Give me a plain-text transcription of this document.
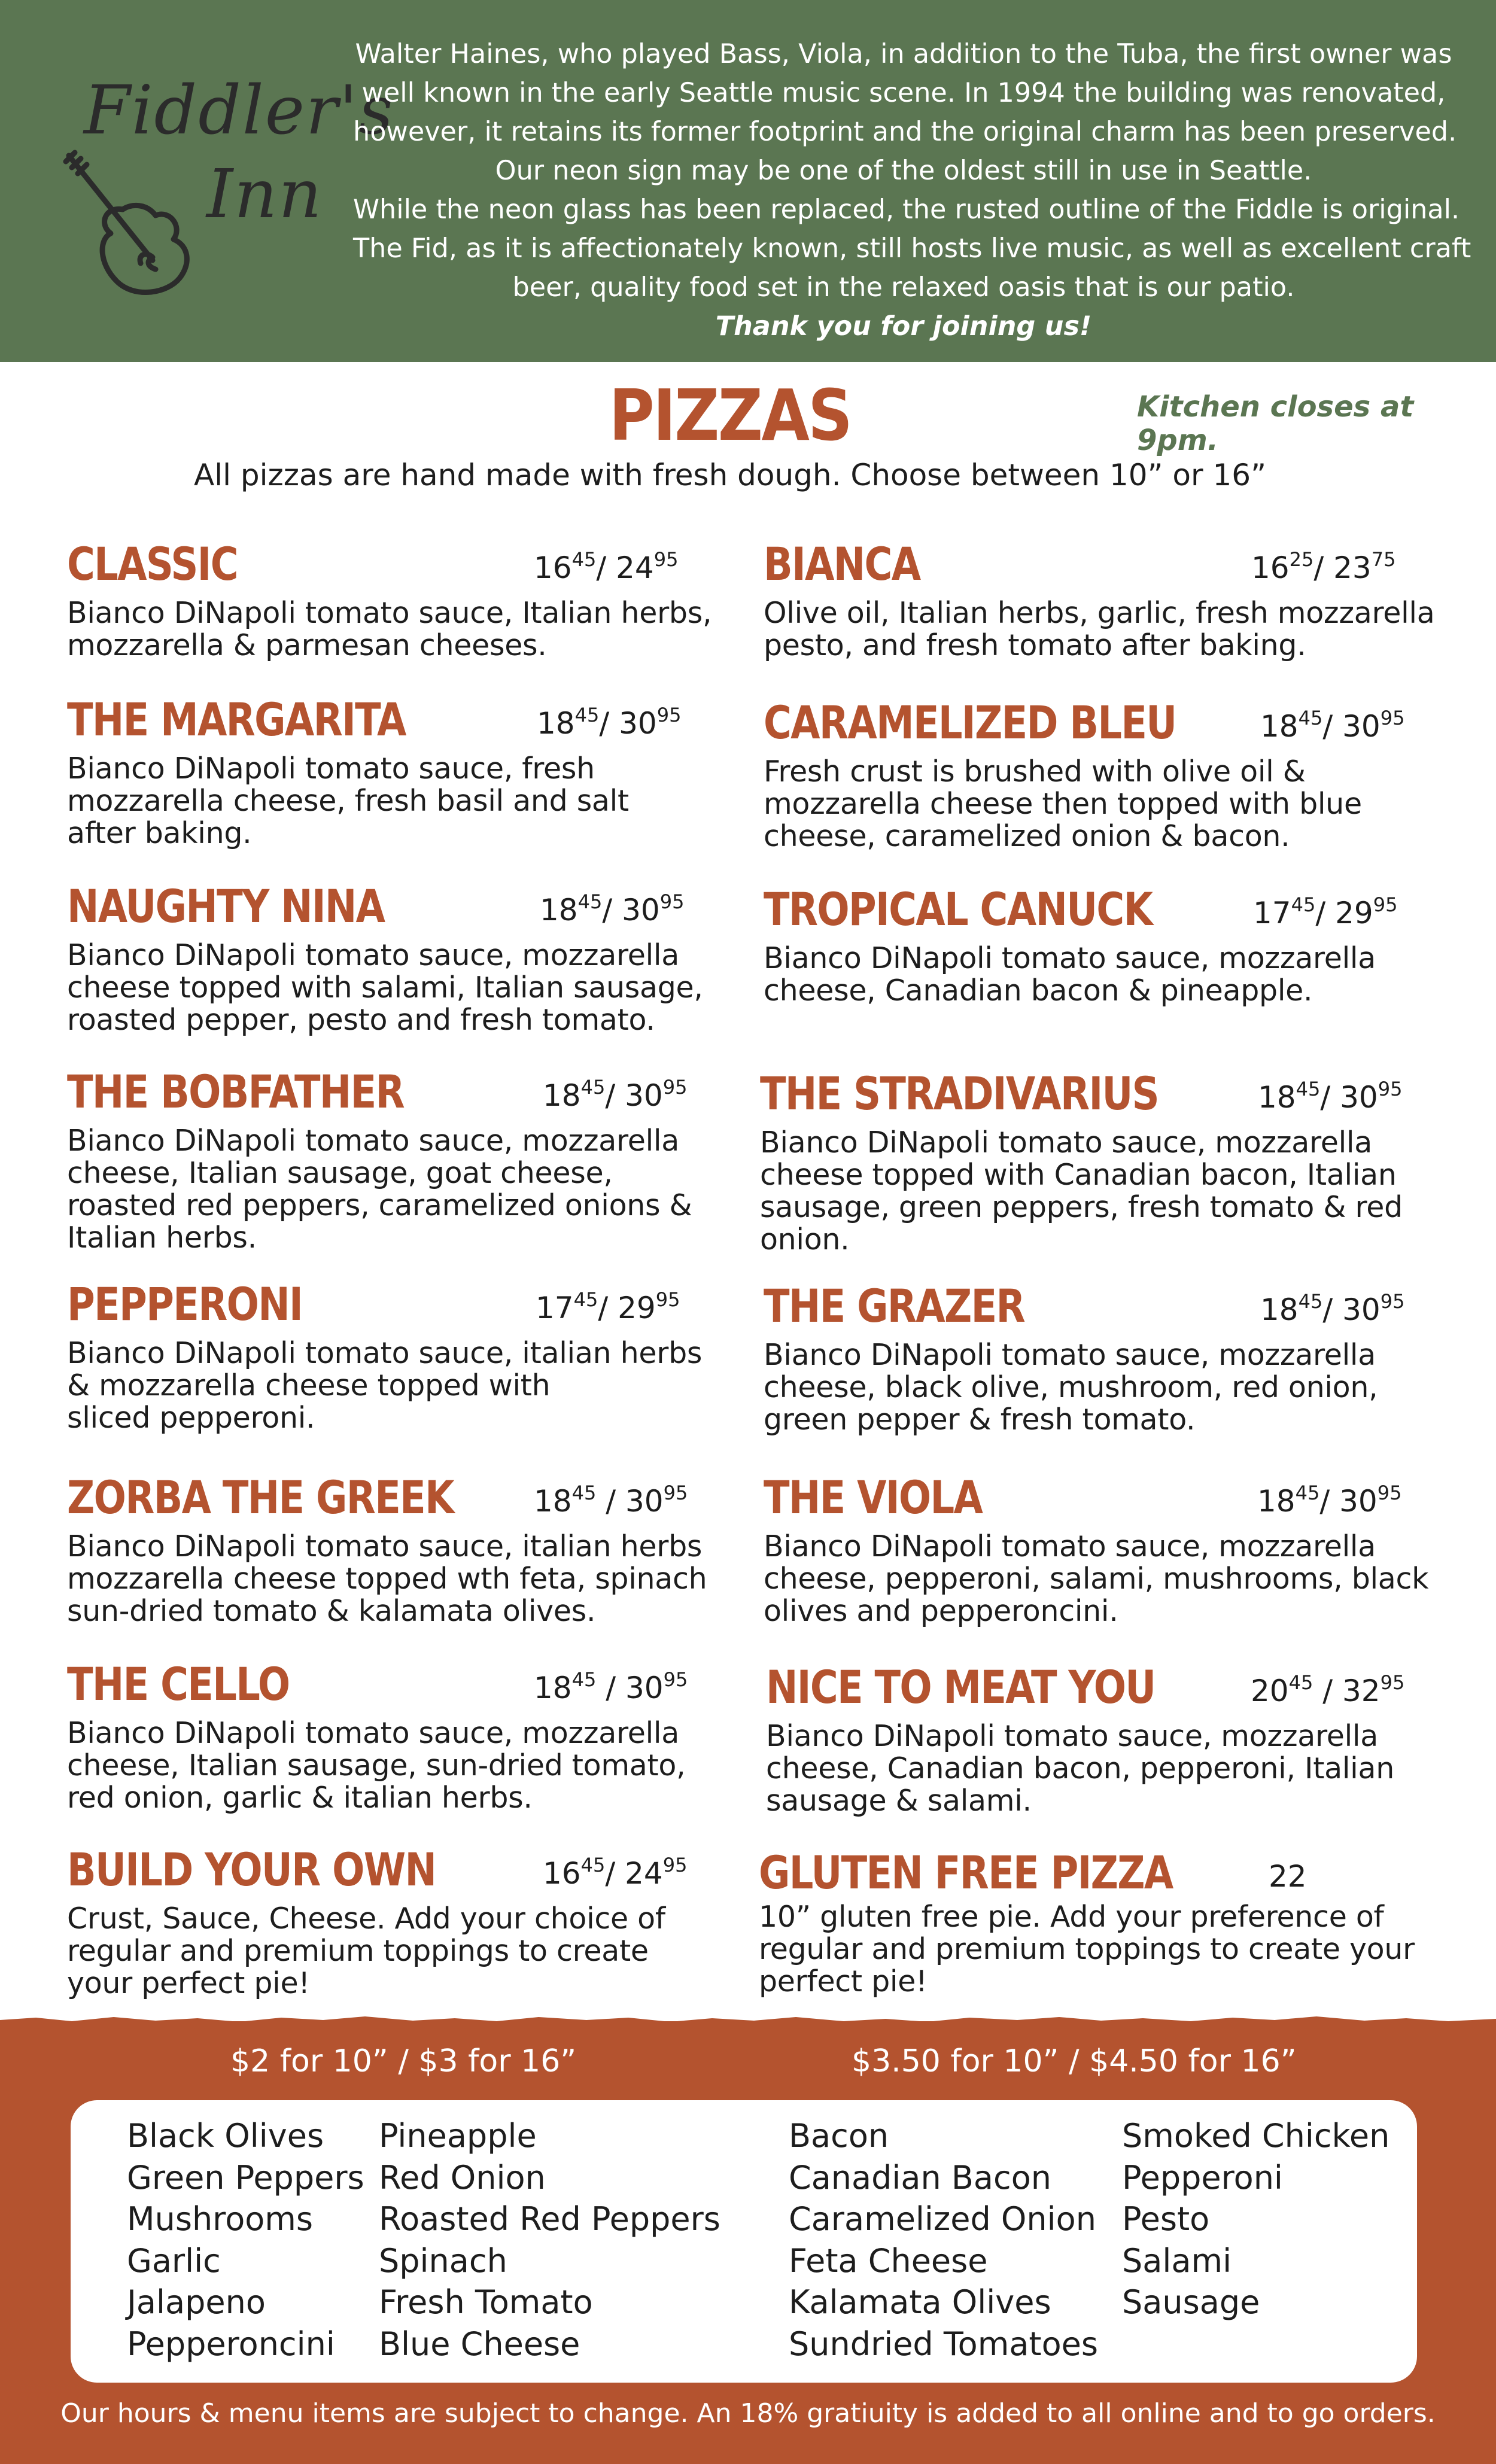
Fiddler's
Inn

Walter Haines, who played Bass, Viola, in addition to the Tuba, the first owner was

well known in the early Seattle music scene. In 1994 the building was renovated,

however, it retains its former footprint and the original charm has been preserved.

Our neon sign may be one of the oldest still in use in Seattle.

While the neon glass has been replaced, the rusted outline of the Fiddle is original.

The Fid, as it is affectionately known, still hosts live music, as well as excellent craft

beer, quality food set in the relaxed oasis that is our patio.

Thank you for joining us!

PIZZAS	Kitchen closes at 9pm.
All pizzas are hand made with fresh dough. Choose between 10” or 16”
CLASSIC	$16^{45}/$ $24^{95}$
Bianco DiNapoli tomato sauce, Italian herbs,
mozzarella & parmesan cheeses.
BIANCA	$16^{25}/$ $23^{75}$
Olive oil, Italian herbs, garlic, fresh mozzarella
pesto, and fresh tomato after baking.
THE MARGARITA	$18^{45}/$ $30^{95}$
Bianco DiNapoli tomato sauce, fresh
mozzarella cheese, fresh basil and salt
after baking.
CARAMELIZED BLEU	$18^{45}/$ $30^{95}$
Fresh crust is brushed with olive oil &
mozzarella cheese then topped with blue
cheese, caramelized onion & bacon.
NAUGHTY NINA	$18^{45}/$ $30^{95}$
Bianco DiNapoli tomato sauce, mozzarella
cheese topped with salami, Italian sausage,
roasted pepper, pesto and fresh tomato.
TROPICAL CANUCK	$17^{45}/$ $29^{95}$
Bianco DiNapoli tomato sauce, mozzarella
cheese, Canadian bacon & pineapple.
THE BOBFATHER	$18^{45}/$ $30^{95}$
Bianco DiNapoli tomato sauce, mozzarella
cheese, Italian sausage, goat cheese,
roasted red peppers, caramelized onions &
Italian herbs.
THE STRADIVARIUS	$18^{45}/$ $30^{95}$
Bianco DiNapoli tomato sauce, mozzarella
cheese topped with Canadian bacon, Italian
sausage, green peppers, fresh tomato & red
onion.
PEPPERONI	$17^{45}/$ $29^{95}$
Bianco DiNapoli tomato sauce, italian herbs
& mozzarella cheese topped with
sliced pepperoni.
THE GRAZER	$18^{45}/$ $30^{95}$
Bianco DiNapoli tomato sauce, mozzarella
cheese, black olive, mushroom, red onion,
green pepper & fresh tomato.
ZORBA THE GREEK	$18^{45} / 30^{95}$
Bianco DiNapoli tomato sauce, italian herbs
mozzarella cheese topped wth feta, spinach
sun-dried tomato & kalamata olives.
THE VIOLA	$18^{45}/$ $30^{95}$
Bianco DiNapoli tomato sauce, mozzarella
cheese, pepperoni, salami, mushrooms, black
olives and pepperoncini.
THE CELLO	$18^{45} / 30^{95}$
Bianco DiNapoli tomato sauce, mozzarella
cheese, Italian sausage, sun-dried tomato,
red onion, garlic & italian herbs.
NICE TO MEAT YOU	$20^{45} / 32^{95}$
Bianco DiNapoli tomato sauce, mozzarella
cheese, Canadian bacon, pepperoni, Italian
sausage & salami.
BUILD YOUR OWN	$16^{45}/$ $24^{95}$
Crust, Sauce, Cheese. Add your choice of
regular and premium toppings to create
your perfect pie!
GLUTEN FREE PIZZA	22
10” gluten free pie. Add your preference of
regular and premium toppings to create your
perfect pie!
$2 for 10” / $3 for 16”	$3.50 for 10” / $4.50 for 16”
Black Olives
Green Peppers
Mushrooms
Garlic
Jalapeno
Pepperoncini
Pineapple
Red Onion
Roasted Red Peppers
Spinach
Fresh Tomato
Blue Cheese
Bacon
Canadian Bacon
Caramelized Onion
Feta Cheese
Kalamata Olives
Sundried Tomatoes
Smoked Chicken
Pepperoni
Pesto
Salami
Sausage
Our hours & menu items are subject to change. An 18% gratiuity is added to all online and to go orders.
